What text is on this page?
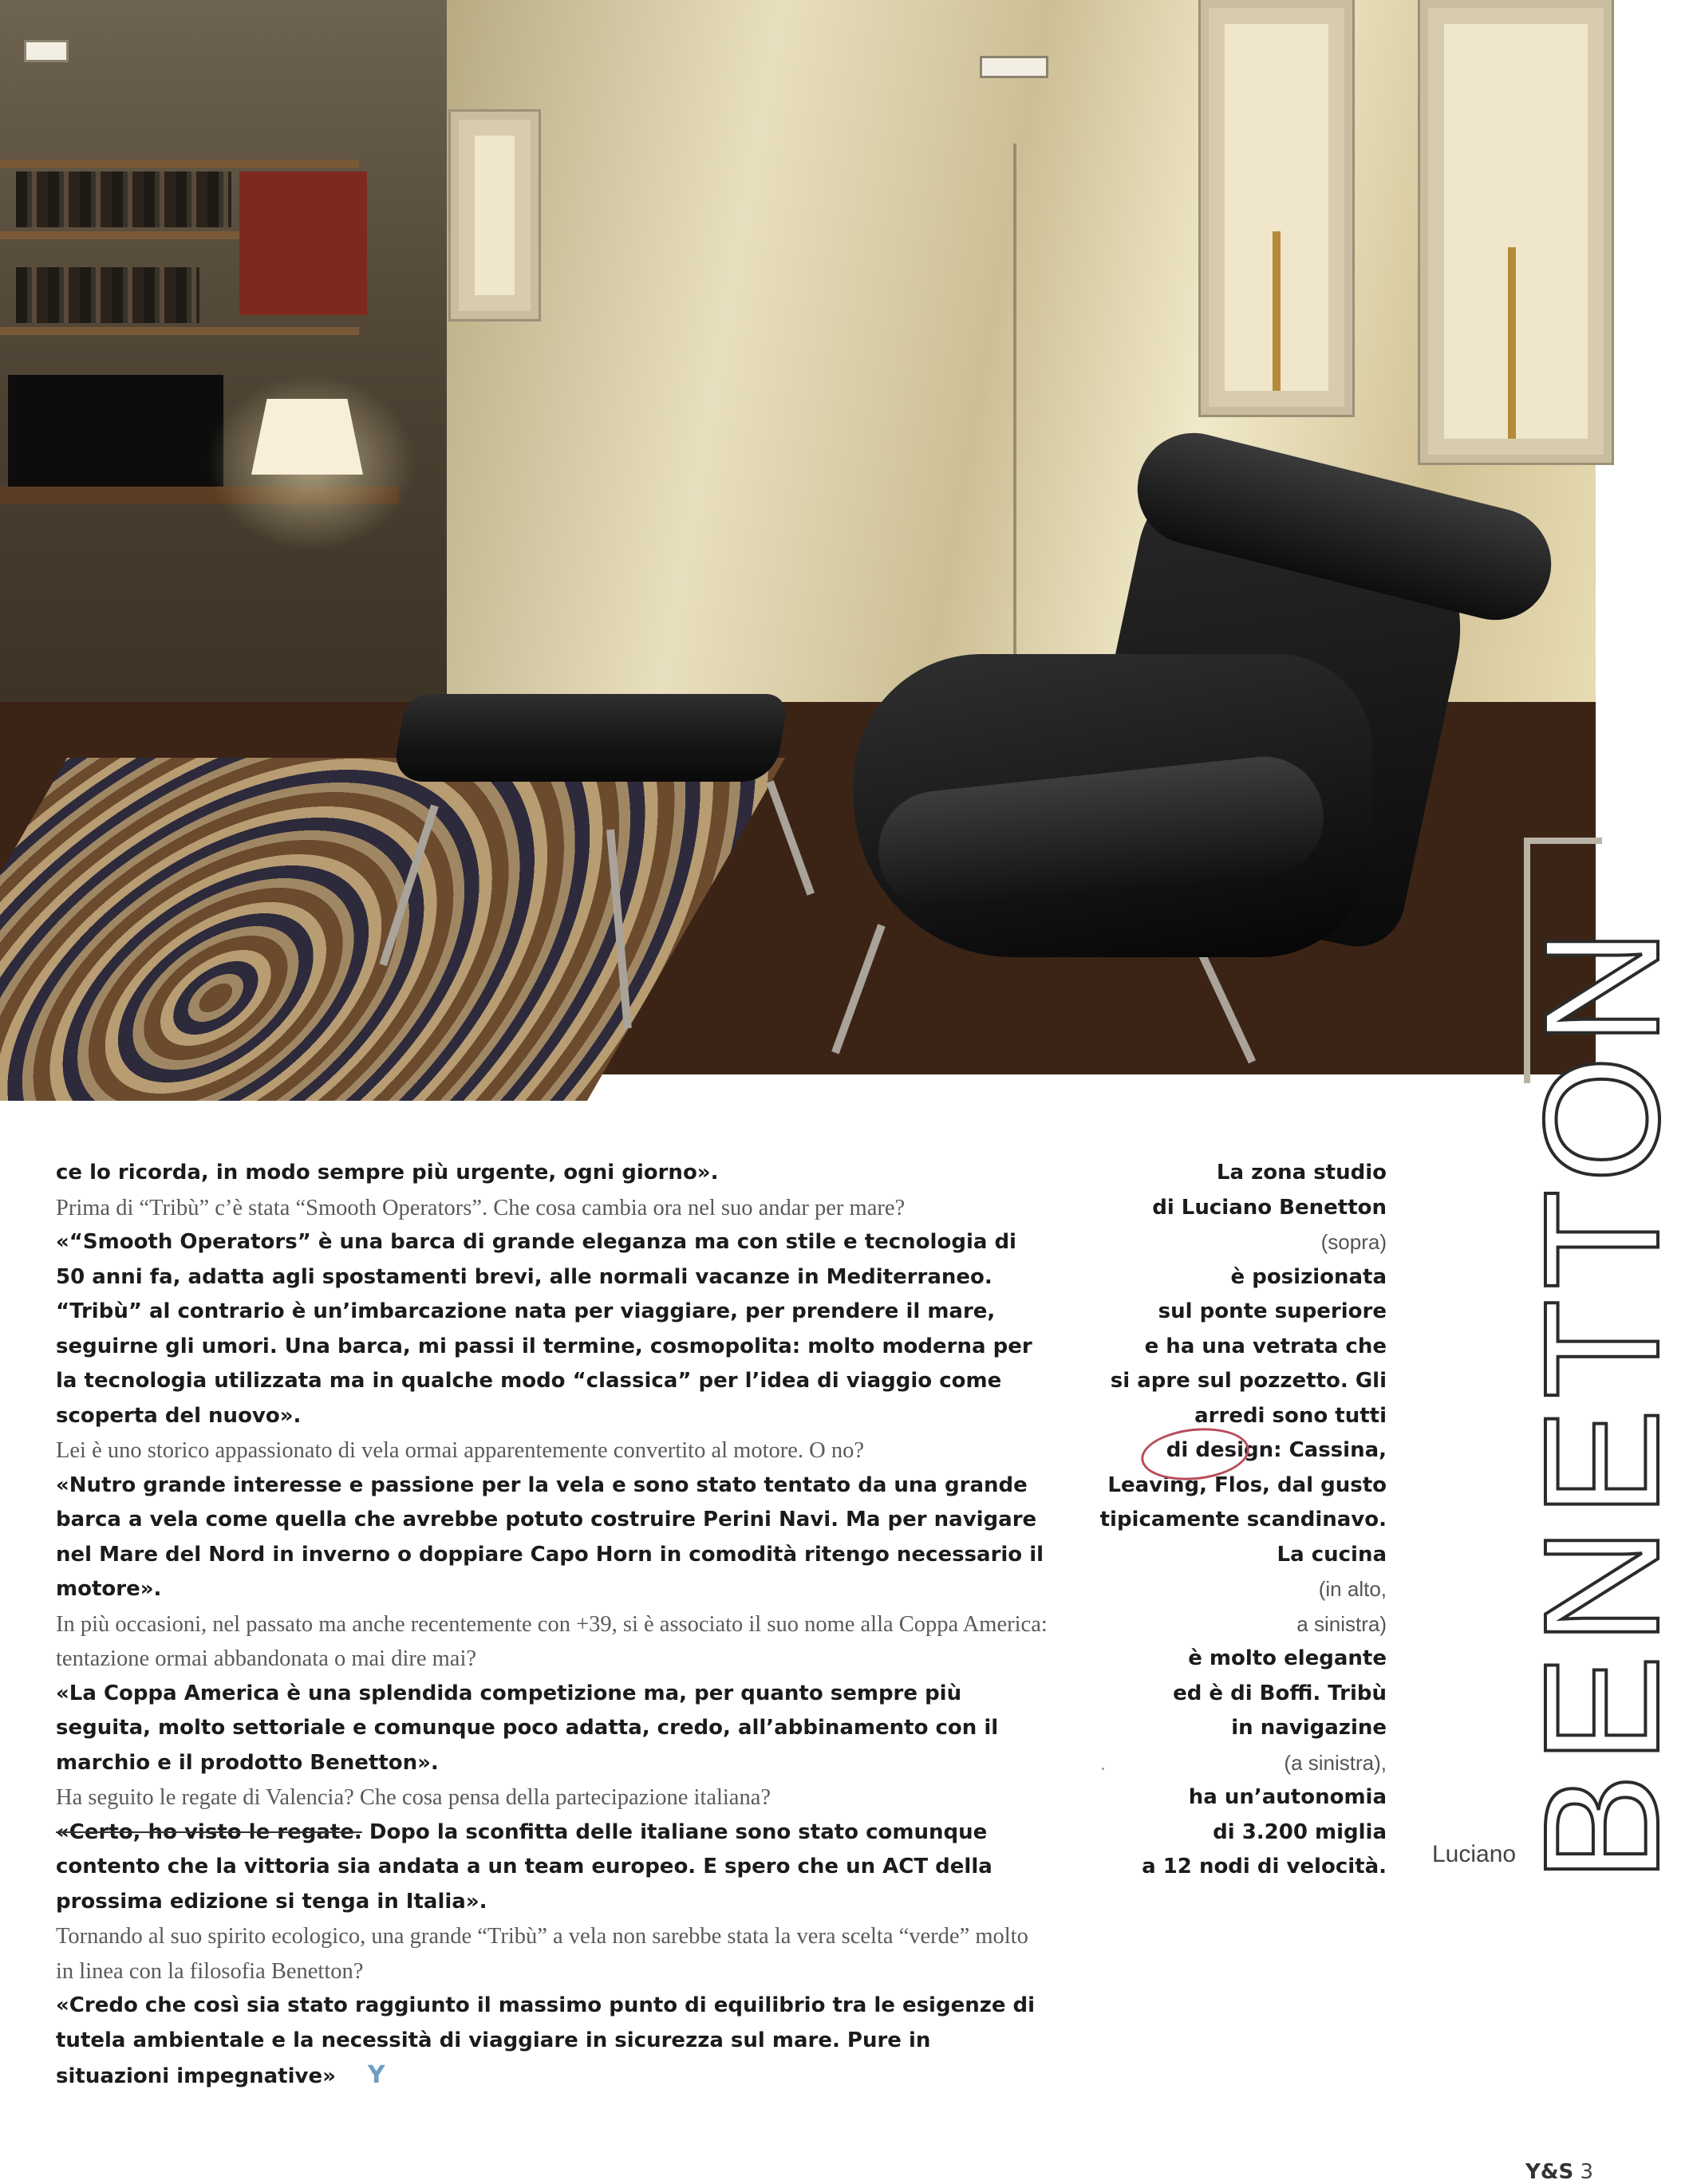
ce lo ricorda, in modo sempre più urgente, ogni giorno».

Prima di “Tribù” c’è stata “Smooth Operators”. Che cosa cambia ora nel suo andar per mare?

«“Smooth Operators” è una barca di grande eleganza ma con stile e tecnologia di 50 anni fa, adatta agli spostamenti brevi, alle normali vacanze in Mediterraneo. “Tribù” al contrario è un’imbarcazione nata per viaggiare, per prendere il mare, seguirne gli umori. Una barca, mi passi il termine, cosmopolita: molto moderna per la tecnologia utilizzata ma in qualche modo “classica” per l’idea di viaggio come scoperta del nuovo».

Lei è uno storico appassionato di vela ormai apparentemente convertito al motore. O no?

«Nutro grande interesse e passione per la vela e sono stato tentato da una grande barca a vela come quella che avrebbe potuto costruire Perini Navi. Ma per navigare nel Mare del Nord in inverno o doppiare Capo Horn in comodità ritengo necessario il motore».

In più occasioni, nel passato ma anche recentemente con +39, si è associato il suo nome alla Coppa America: tentazione ormai abbandonata o mai dire mai?

«La Coppa America è una splendida competizione ma, per quanto sempre più seguita, molto settoriale e comunque poco adatta, credo, all’abbinamento con il marchio e il prodotto Benetton».

Ha seguito le regate di Valencia? Che cosa pensa della partecipazione italiana?

«Certo, ho visto le regate. Dopo la sconfitta delle italiane sono stato comunque contento che la vittoria sia andata a un team europeo. E spero che un ACT della prossima edizione si tenga in Italia».

Tornando al suo spirito ecologico, una grande “Tribù” a vela non sarebbe stata la vera scelta “verde” molto in linea con la filosofia Benetton?

«Credo che così sia stato raggiunto il massimo punto di equilibrio tra le esigenze di tutela ambientale e la necessità di viaggiare in sicurezza sul mare. Pure in situazioni impegnative» Y

La zona studio
di Luciano Benetton
(sopra)
è posizionata
sul ponte superiore
e ha una vetrata che
si apre sul pozzetto. Gli
arredi sono tutti
di design: Cassina,
Leaving, Flos, dal gusto
tipicamente scandinavo.
La cucina
(in alto,
a sinistra)
è molto elegante
ed è di Boffi. Tribù
in navigazine
(a sinistra),
ha un’autonomia
di 3.200 miglia
a 12 nodi di velocità. BENETTON
Luciano
Y&S 3
